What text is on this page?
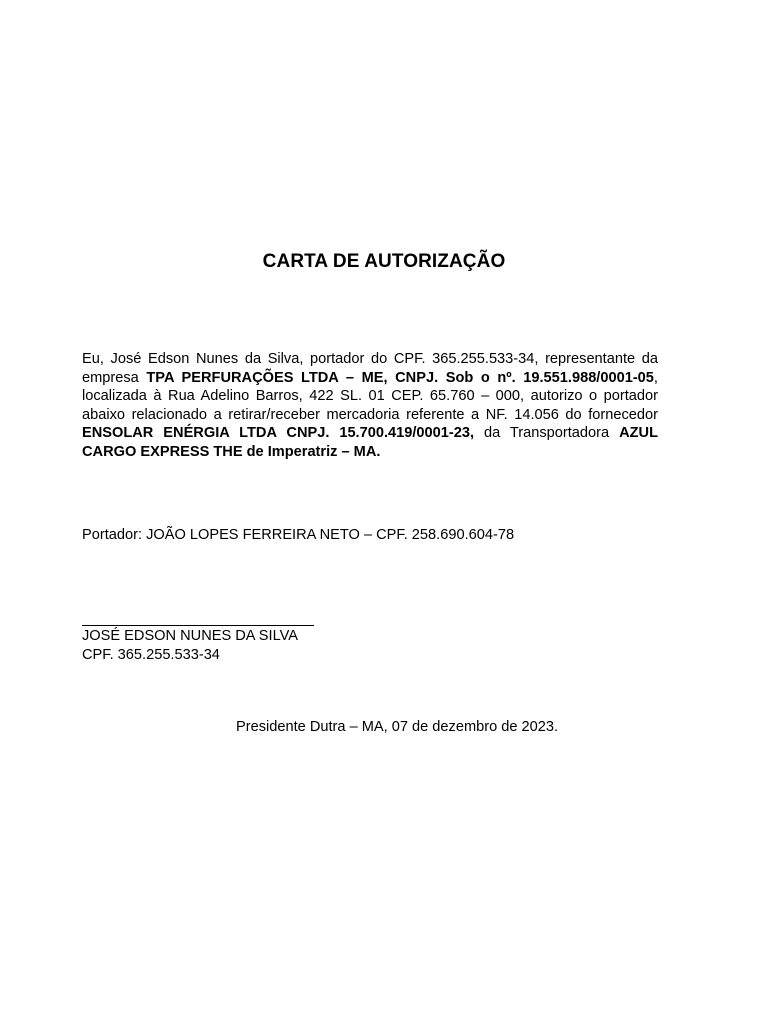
CARTA DE AUTORIZAÇÃO

Eu, José Edson Nunes da Silva, portador do CPF. 365.255.533-34, representante da empresa TPA PERFURAÇÕES LTDA – ME, CNPJ. Sob o nº. 19.551.988/0001-05, localizada à Rua Adelino Barros, 422 SL. 01 CEP. 65.760 – 000, autorizo o portador abaixo relacionado a retirar/receber mercadoria referente a NF. 14.056 do fornecedor ENSOLAR ENÉRGIA LTDA CNPJ. 15.700.419/0001-23, da Transportadora AZUL CARGO EXPRESS THE de Imperatriz – MA.

Portador: JOÃO LOPES FERREIRA NETO – CPF. 258.690.604-78
JOSÉ EDSON NUNES DA SILVA
CPF. 365.255.533-34
Presidente Dutra – MA, 07 de dezembro de 2023.
